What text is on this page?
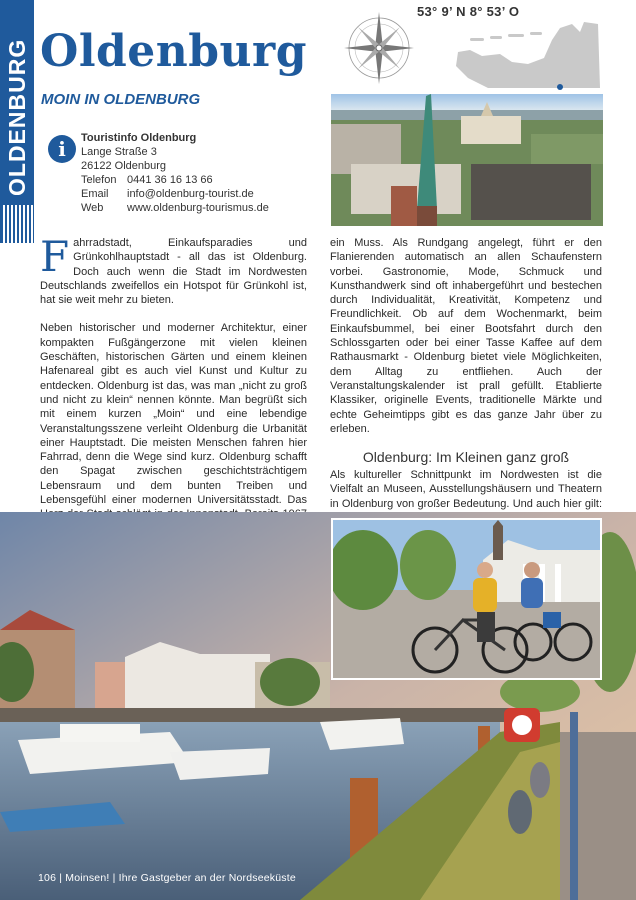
OLDENBURG Oldenburg
MOIN IN OLDENBURG
i	Touristinfo Oldenburg
Lange Straße 3
26122 Oldenburg
Telefon 0441 36 16 13 66
Email	info@oldenburg-tourist.de
Web	www.oldenburg-tourismus.de
53° 9’ N 8° 53’ O

Fahrradstadt, Einkaufsparadies und Grünkohlhauptstadt - all das ist Oldenburg. Doch auch wenn die Stadt im Nordwesten Deutschlands zweifellos ein Hotspot für Grünkohl ist, hat sie weit mehr zu bieten.

Neben historischer und moderner Architektur, einer kompakten Fußgängerzone mit vielen kleinen Geschäften, historischen Gärten und einem kleinen Hafenareal gibt es auch viel Kunst und Kultur zu entdecken. Oldenburg ist das, was man „nicht zu groß und nicht zu klein“ nennen könnte. Man begrüßt sich mit einem kurzen „Moin“ und eine lebendige Veranstaltungsszene verleiht Oldenburg die Urbanität einer Hauptstadt. Die meisten Menschen fahren hier Fahrrad, denn die Wege sind kurz. Oldenburg schafft den Spagat zwischen geschichtsträchtigem Lebensraum und dem bunten Treiben und Lebensgefühl einer modernen Universitätsstadt. Das

ein Muss. Als Rundgang angelegt, führt er den Flanierenden automatisch an allen Schaufenstern vorbei. Gastronomie, Mode, Schmuck und Kunsthandwerk sind oft inhabergeführt und bestechen durch Individualität, Kreativität, Kompetenz und Freundlichkeit. Ob auf dem Wochenmarkt, beim Einkaufsbummel, bei einer Bootsfahrt durch den Schlossgarten oder bei einer Tasse Kaffee auf dem Rathausmarkt - Oldenburg bietet viele Möglichkeiten, dem Alltag zu entfliehen. Auch der Veranstaltungskalender ist prall gefüllt. Etablierte Klassiker, originelle Events, traditionelle Märkte und echte Geheimtipps gibt es das ganze Jahr über zu erleben.

Oldenburg: Im Kleinen ganz groß

Als kultureller Schnittpunkt im Nordwesten ist die Vielfalt an Museen, Ausstellungshäusern und Theatern in Oldenburg von großer Bedeutung. Und auch hier gilt:

106 | Moinsen! | Ihre Gastgeber an der Nordseeküste
